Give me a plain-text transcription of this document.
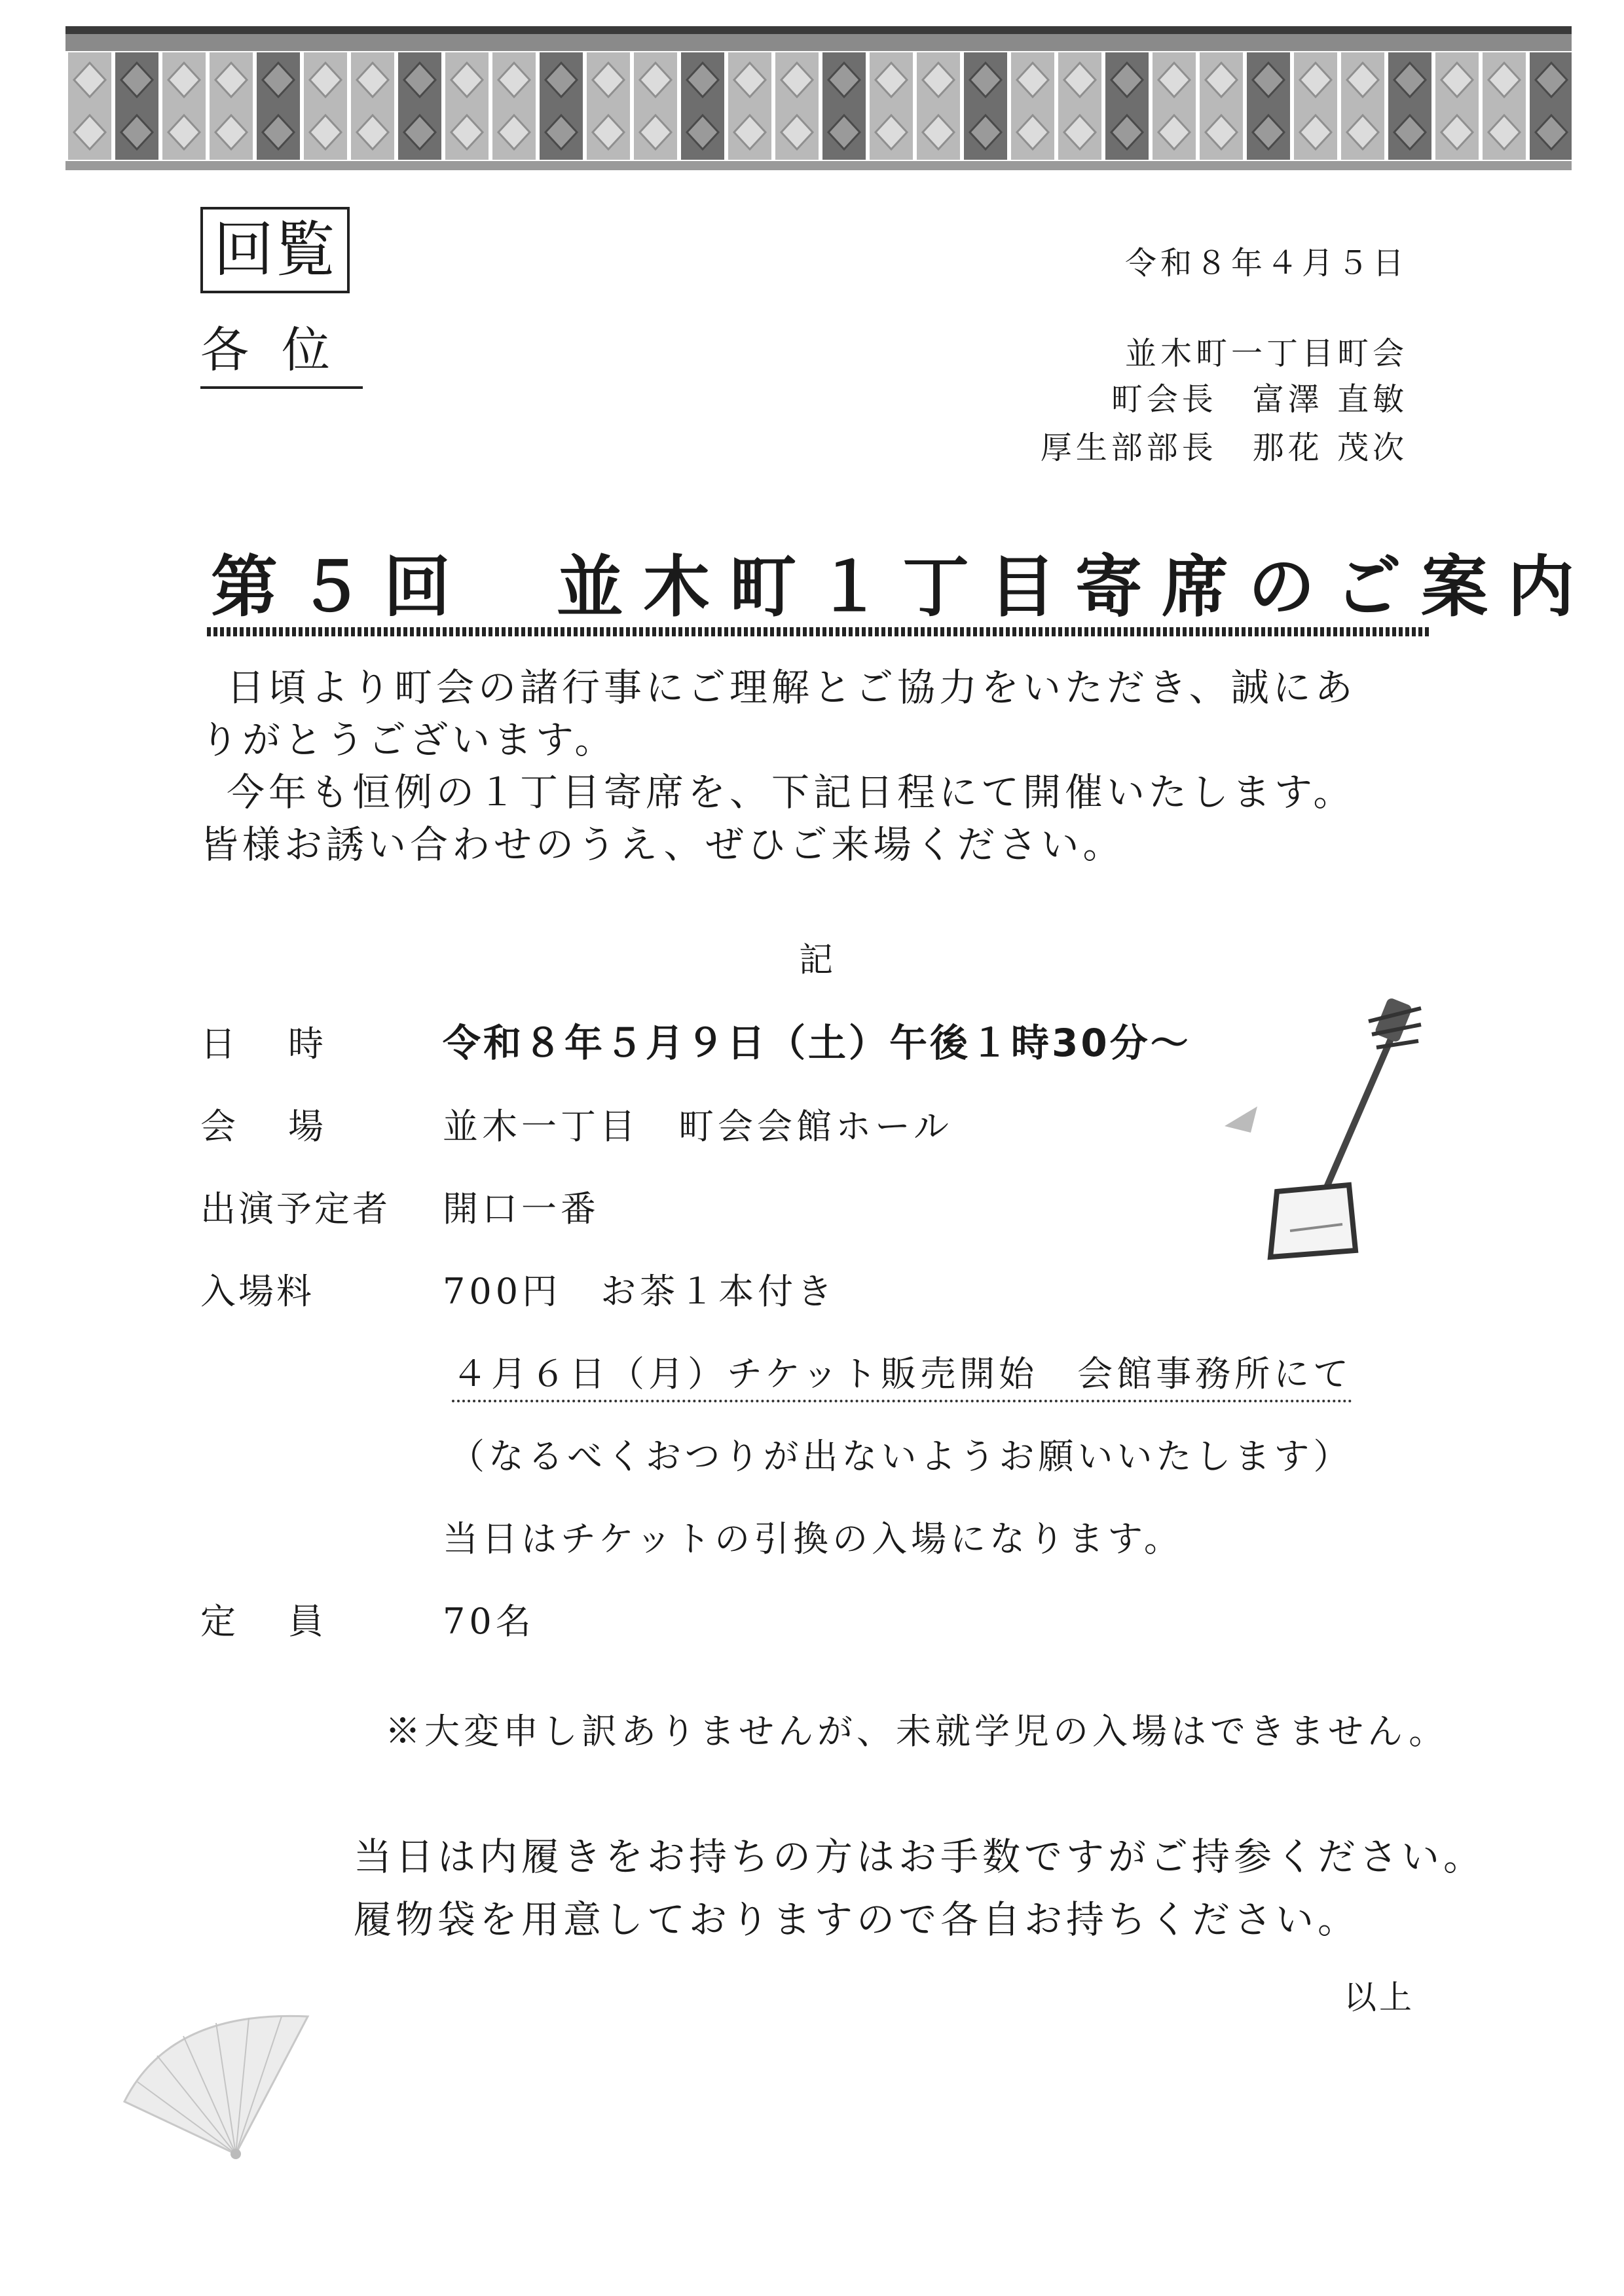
回覧
各位
令和８年４月５日
並木町一丁目町会
町会長　富澤 直敏
厚生部部長　那花 茂次
第５回　並木町１丁目寄席のご案内
日頃より町会の諸行事にご理解とご協力をいただき、誠にあ
りがとうございます。
今年も恒例の１丁目寄席を、下記日程にて開催いたします。
皆様お誘い合わせのうえ、ぜひご来場ください。
記
日時 令和８年５月９日（土）午後１時30分～
会場 並木一丁目　町会会館ホール
出演予定者 開口一番
入場料	700円　お茶１本付き
４月６日（月）チケット販売開始　会館事務所にて
（なるべくおつりが出ないようお願いいたします）
当日はチケットの引換の入場になります。
定員 70名
※大変申し訳ありませんが、未就学児の入場はできません。
当日は内履きをお持ちの方はお手数ですがご持参ください。
履物袋を用意しておりますので各自お持ちください。
以上
